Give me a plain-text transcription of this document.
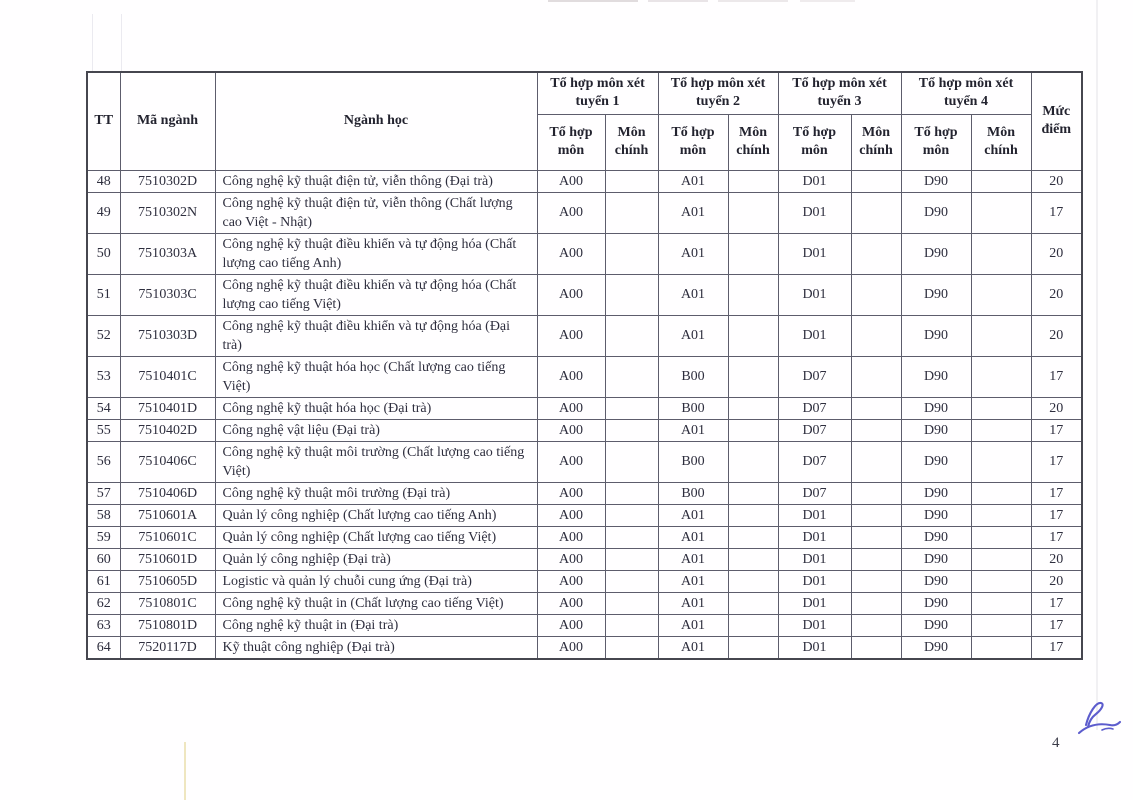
TT	Mã ngành	Ngành học	Tổ hợp môn xét tuyển 1		Tổ hợp môn xét tuyển 2		Tổ hợp môn xét tuyển 3		Tổ hợp môn xét tuyển 4		Mức điểm
			Tổ hợp môn	Môn chính	Tổ hợp môn	Môn chính	Tổ hợp môn	Môn chính	Tổ hợp môn	Môn chính	
48	7510302D	Công nghệ kỹ thuật điện tử, viễn thông (Đại trà)	A00		A01		D01		D90		20
49	7510302N	Công nghệ kỹ thuật điện tử, viễn thông (Chất lượng cao Việt - Nhật)	A00		A01		D01		D90		17
50	7510303A	Công nghệ kỹ thuật điều khiển và tự động hóa (Chất lượng cao tiếng Anh)	A00		A01		D01		D90		20
51	7510303C	Công nghệ kỹ thuật điều khiển và tự động hóa (Chất lượng cao tiếng Việt)	A00		A01		D01		D90		20
52	7510303D	Công nghệ kỹ thuật điều khiển và tự động hóa (Đại trà)	A00		A01		D01		D90		20
53	7510401C	Công nghệ kỹ thuật hóa học (Chất lượng cao tiếng Việt)	A00		B00		D07		D90		17
54	7510401D	Công nghệ kỹ thuật hóa học (Đại trà)	A00		B00		D07		D90		20
55	7510402D	Công nghệ vật liệu (Đại trà)	A00		A01		D07		D90		17
56	7510406C	Công nghệ kỹ thuật môi trường (Chất lượng cao tiếng Việt)	A00		B00		D07		D90		17
57	7510406D	Công nghệ kỹ thuật môi trường (Đại trà)	A00		B00		D07		D90		17
58	7510601A	Quản lý công nghiệp (Chất lượng cao tiếng Anh)	A00		A01		D01		D90		17
59	7510601C	Quản lý công nghiệp (Chất lượng cao tiếng Việt)	A00		A01		D01		D90		17
60	7510601D	Quản lý công nghiệp (Đại trà)	A00		A01		D01		D90		20
61	7510605D	Logistic và quản lý chuỗi cung ứng (Đại trà)	A00		A01		D01		D90		20
62	7510801C	Công nghệ kỹ thuật in (Chất lượng cao tiếng Việt)	A00		A01		D01		D90		17
63	7510801D	Công nghệ kỹ thuật in (Đại trà)	A00		A01		D01		D90		17
64	7520117D	Kỹ thuật công nghiệp (Đại trà)	A00		A01		D01		D90		17
4
